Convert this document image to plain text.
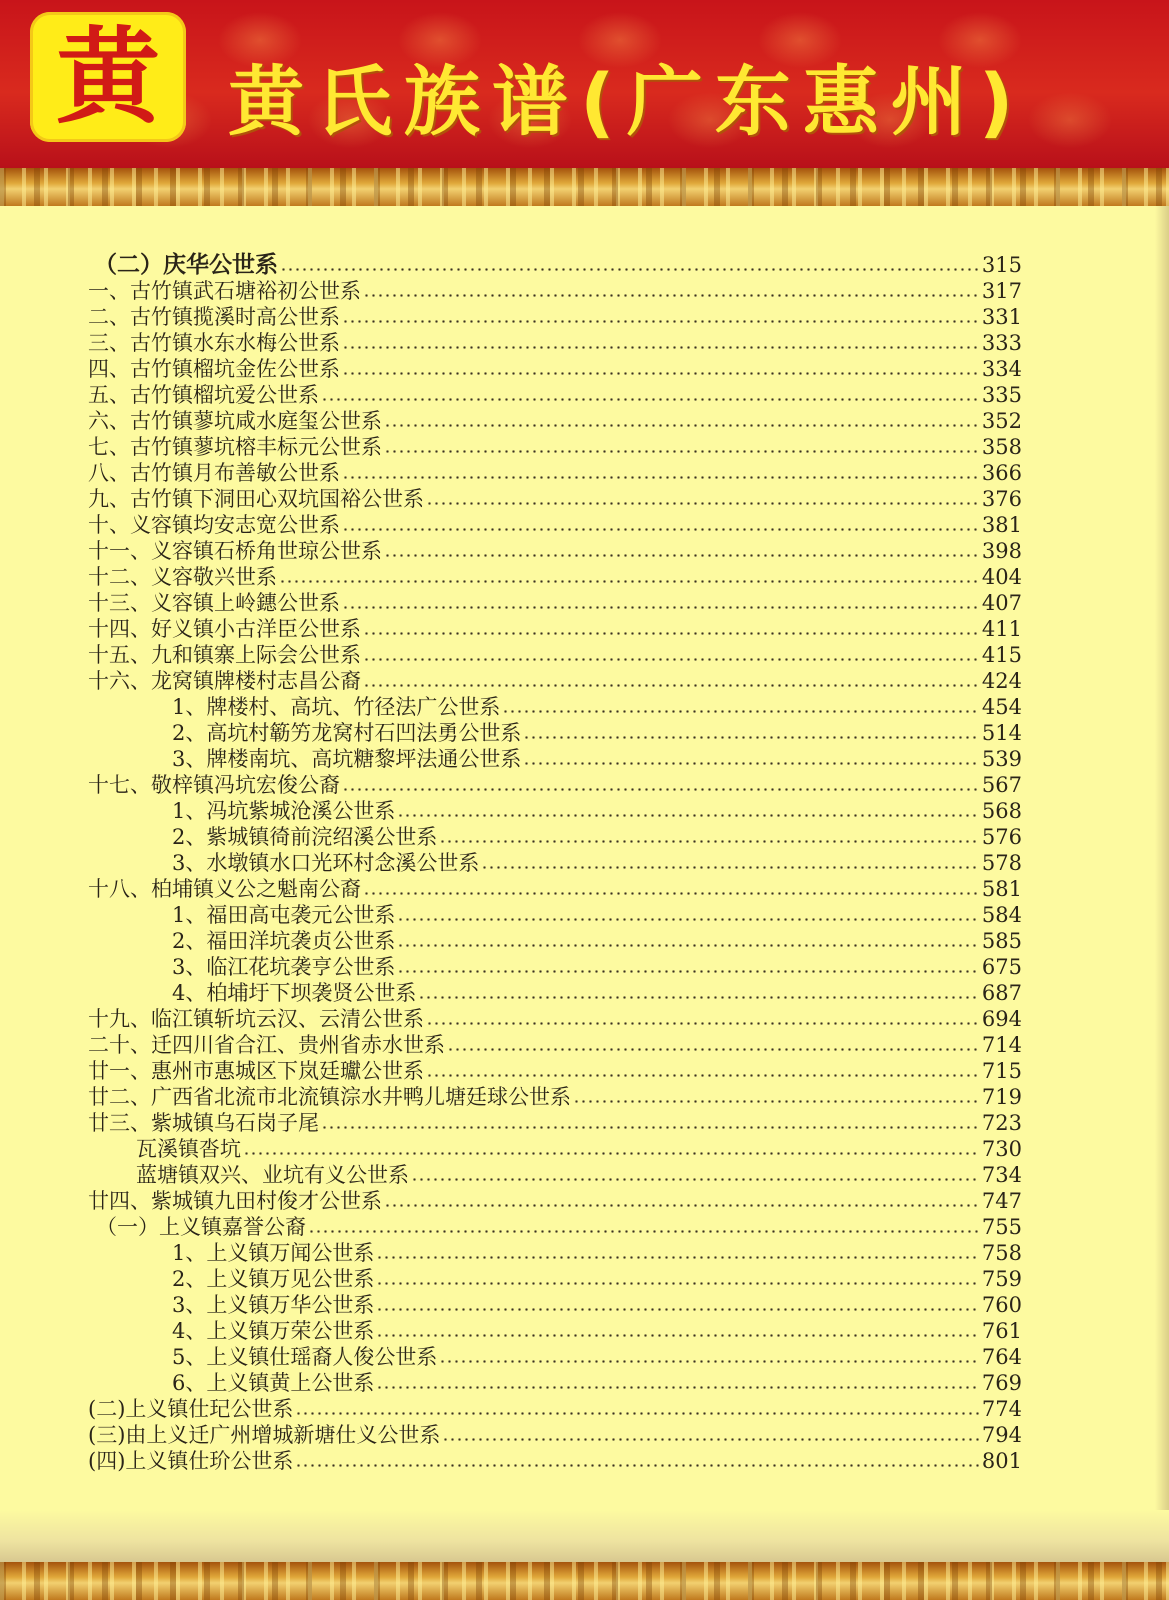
黄 黄氏族谱(广东惠州)
（二）庆华公世系	315
一、古竹镇武石塘裕初公世系	317
二、古竹镇揽溪时高公世系	331
三、古竹镇水东水梅公世系	333
四、古竹镇榴坑金佐公世系	334
五、古竹镇榴坑爱公世系	335
六、古竹镇蓼坑咸水庭玺公世系	352
七、古竹镇蓼坑榕丰标元公世系	358
八、古竹镇月布善敏公世系	366
九、古竹镇下洞田心双坑国裕公世系	376
十、义容镇均安志宽公世系	381
十一、义容镇石桥角世琼公世系	398
十二、义容敬兴世系	404
十三、义容镇上岭鏸公世系	407
十四、好义镇小古洋臣公世系	411
十五、九和镇寨上际会公世系	415
十六、龙窝镇牌楼村志昌公裔	424
1、牌楼村、高坑、竹径法广公世系	454
2、高坑村簕竻龙窝村石凹法勇公世系	514
3、牌楼南坑、高坑糖黎坪法通公世系	539
十七、敬梓镇冯坑宏俊公裔	567
1、冯坑紫城沧溪公世系	568
2、紫城镇徛前浣绍溪公世系	576
3、水墩镇水口光环村念溪公世系	578
十八、柏埔镇义公之魁南公裔	581
1、福田高屯袭元公世系	584
2、福田洋坑袭贞公世系	585
3、临江花坑袭亨公世系	675
4、柏埔圩下坝袭贤公世系	687
十九、临江镇斩坑云汉、云清公世系	694
二十、迁四川省合江、贵州省赤水世系	714
廿一、惠州市惠城区下岚廷瓛公世系	715
廿二、广西省北流市北流镇淙水井鸭儿塘廷球公世系	719
廿三、紫城镇乌石岗子尾	723
瓦溪镇沓坑	730
蓝塘镇双兴、业坑有义公世系	734
廿四、紫城镇九田村俊才公世系	747
（一）上义镇嘉誉公裔	755
1、上义镇万闻公世系	758
2、上义镇万见公世系	759
3、上义镇万华公世系	760
4、上义镇万荣公世系	761
5、上义镇仕瑶裔人俊公世系	764
6、上义镇黄上公世系	769
(二)上义镇仕玘公世系	774
(三)由上义迁广州增城新塘仕义公世系	794
(四)上义镇仕玠公世系	801
